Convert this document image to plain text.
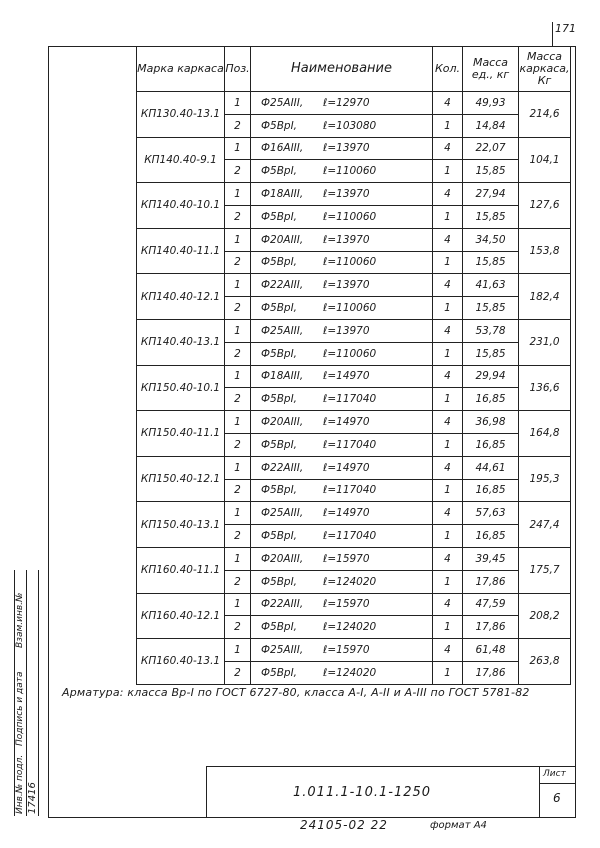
171
Марка каркаса	Поз.	Наименование	Кол.	Масса ед., кг	Масса каркаса, Кг
КП130.40-13.1	1	Ф25АIII, ℓ=12970	4	49,93	214,6
	2	Ф5ВрI, ℓ=103080	1	14,84	
КП140.40-9.1	1	Ф16АIII, ℓ=13970	4	22,07	104,1
	2	Ф5ВрI, ℓ=110060	1	15,85	
КП140.40-10.1	1	Ф18АIII, ℓ=13970	4	27,94	127,6
	2	Ф5ВрI, ℓ=110060	1	15,85	
КП140.40-11.1	1	Ф20АIII, ℓ=13970	4	34,50	153,8
	2	Ф5ВрI, ℓ=110060	1	15,85	
КП140.40-12.1	1	Ф22АIII, ℓ=13970	4	41,63	182,4
	2	Ф5ВрI, ℓ=110060	1	15,85	
КП140.40-13.1	1	Ф25АIII, ℓ=13970	4	53,78	231,0
	2	Ф5ВрI, ℓ=110060	1	15,85	
КП150.40-10.1	1	Ф18АIII, ℓ=14970	4	29,94	136,6
	2	Ф5ВрI, ℓ=117040	1	16,85	
КП150.40-11.1	1	Ф20АIII, ℓ=14970	4	36,98	164,8
	2	Ф5ВрI, ℓ=117040	1	16,85	
КП150.40-12.1	1	Ф22АIII, ℓ=14970	4	44,61	195,3
	2	Ф5ВрI, ℓ=117040	1	16,85	
КП150.40-13.1	1	Ф25АIII, ℓ=14970	4	57,63	247,4
	2	Ф5ВрI, ℓ=117040	1	16,85	
КП160.40-11.1	1	Ф20АIII, ℓ=15970	4	39,45	175,7
	2	Ф5ВрI, ℓ=124020	1	17,86	
КП160.40-12.1	1	Ф22АIII, ℓ=15970	4	47,59	208,2
	2	Ф5ВрI, ℓ=124020	1	17,86	
КП160.40-13.1	1	Ф25АIII, ℓ=15970	4	61,48	263,8
	2	Ф5ВрI, ℓ=124020	1	17,86	
Арматура: класса Вр-I по ГОСТ 6727-80, класса А-I, А-II и А-III по ГОСТ 5781-82
Инв.№ подл. 17416
Подпись и дата
Взам.инв.№
1.011.1-10.1-1250
Лист
6
24105-02 22	формат А4
